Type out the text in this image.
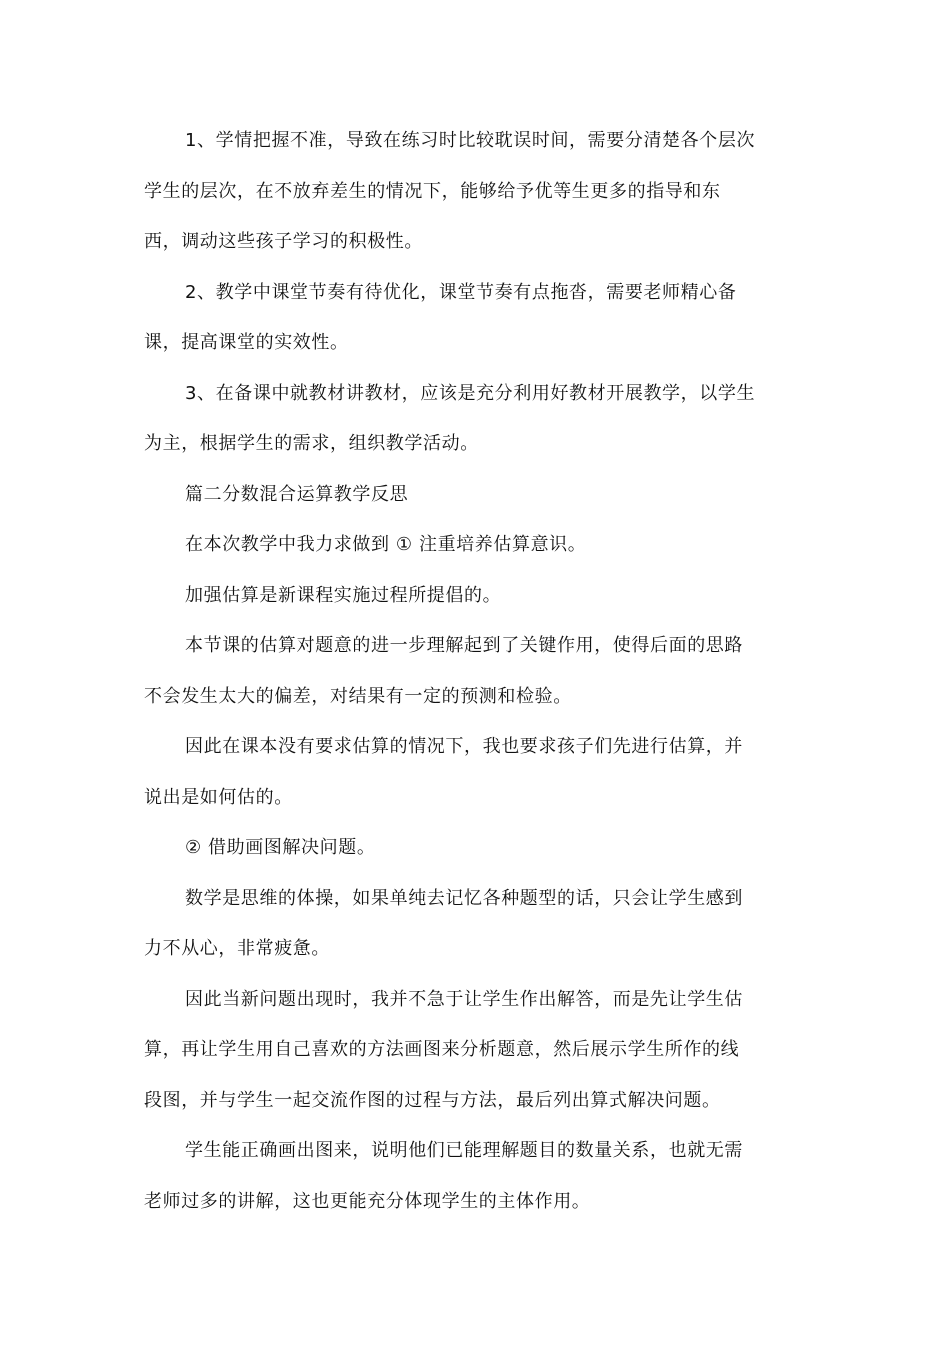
1、学情把握不准，导致在练习时比较耽误时间，需要分清楚各个层次学生的层次，在不放弃差生的情况下，能够给予优等生更多的指导和东西，调动这些孩子学习的积极性。

2、教学中课堂节奏有待优化，课堂节奏有点拖沓，需要老师精心备课，提高课堂的实效性。

3、在备课中就教材讲教材，应该是充分利用好教材开展教学，以学生为主，根据学生的需求，组织教学活动。

篇二分数混合运算教学反思

在本次教学中我力求做到 ① 注重培养估算意识。

加强估算是新课程实施过程所提倡的。

本节课的估算对题意的进一步理解起到了关键作用，使得后面的思路不会发生太大的偏差，对结果有一定的预测和检验。

因此在课本没有要求估算的情况下，我也要求孩子们先进行估算，并说出是如何估的。

② 借助画图解决问题。

数学是思维的体操，如果单纯去记忆各种题型的话，只会让学生感到力不从心，非常疲惫。

因此当新问题出现时，我并不急于让学生作出解答，而是先让学生估算，再让学生用自己喜欢的方法画图来分析题意，然后展示学生所作的线段图，并与学生一起交流作图的过程与方法，最后列出算式解决问题。

学生能正确画出图来，说明他们已能理解题目的数量关系，也就无需老师过多的讲解，这也更能充分体现学生的主体作用。
